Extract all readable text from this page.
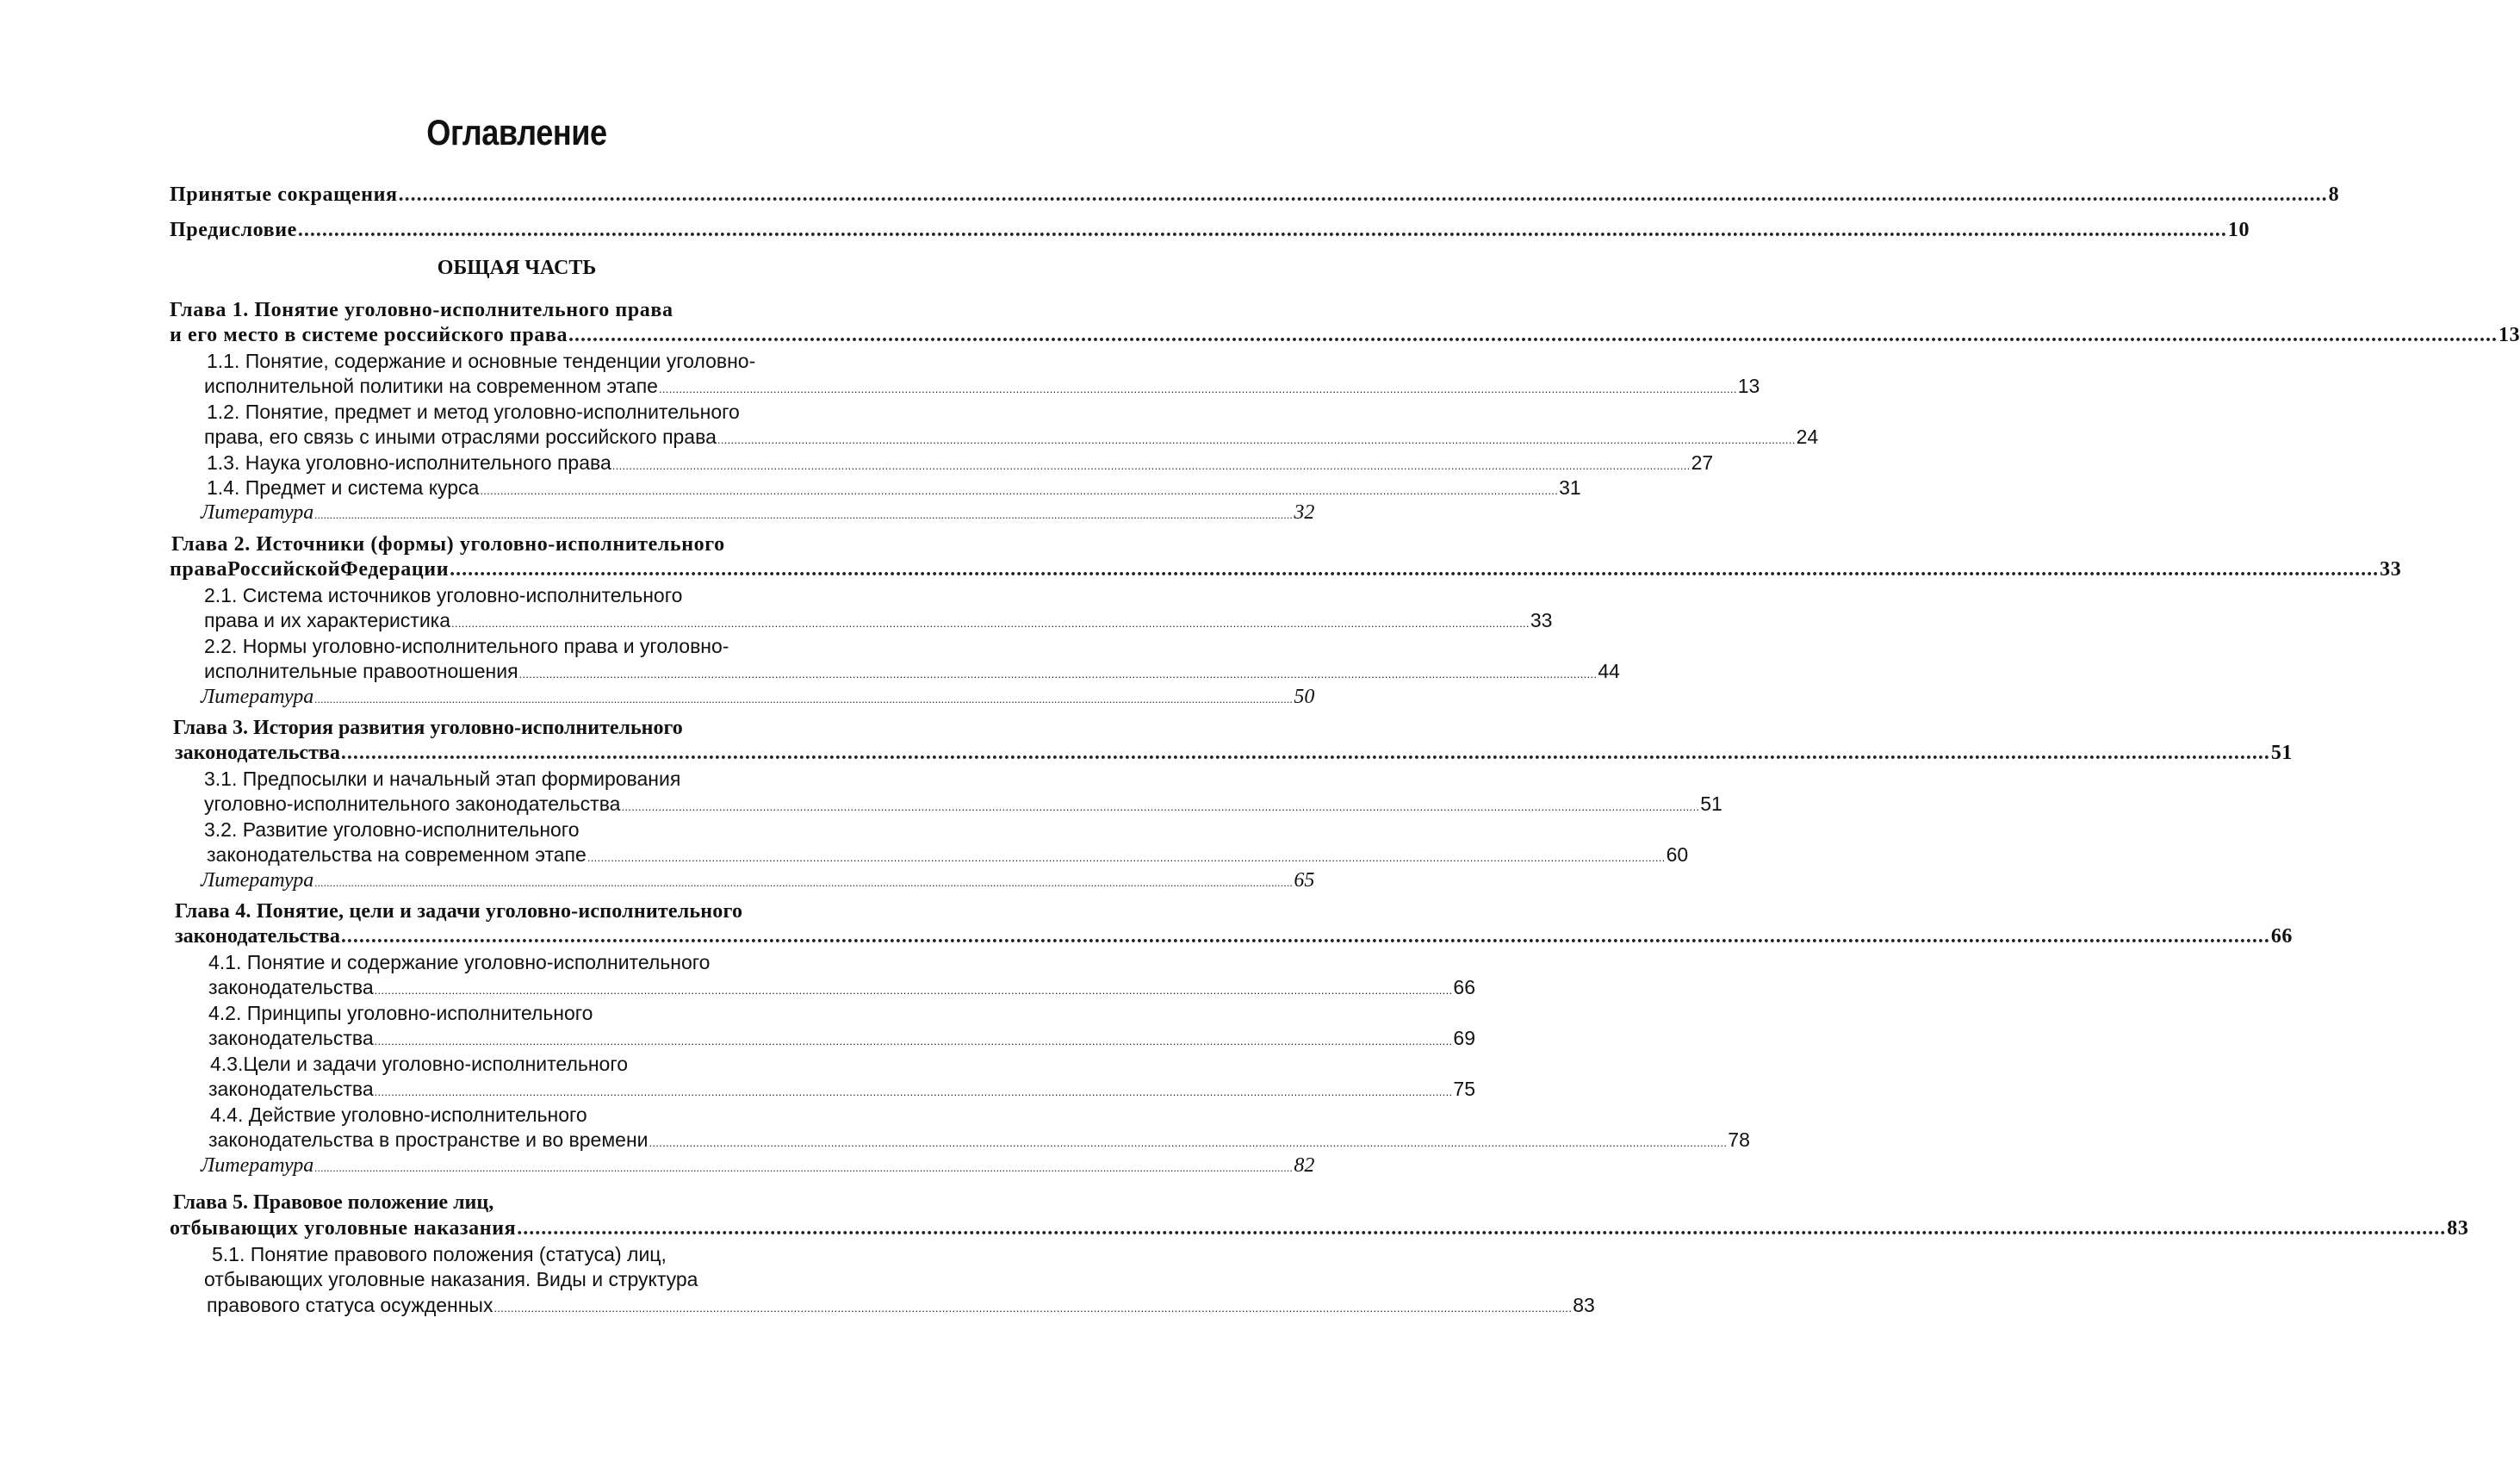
Оглавление
Принятые сокращения ................................................................................................................................................................................................................................................................................................................................ 8
Предисловие ................................................................................................................................................................................................................................................................................................................................ 10
ОБЩАЯ ЧАСТЬ
Глава 1. Понятие уголовно-исполнительного права
и его место в системе российского права ................................................................................................................................................................................................................................................................................................................................ 13
1.1. Понятие, содержание и основные тенденции уголовно-
исполнительной политики на современном этапе ................................................................................................................................................................................................................................................................................................................................ 13
1.2. Понятие, предмет и метод уголовно-исполнительного
права, его связь с иными отраслями российского права ................................................................................................................................................................................................................................................................................................................................ 24
1.3. Наука уголовно-исполнительного права ................................................................................................................................................................................................................................................................................................................................ 27
1.4. Предмет и система курса ................................................................................................................................................................................................................................................................................................................................ 31
Литература ................................................................................................................................................................................................................................................................................................................................ 32
Глава 2. Источники (формы) уголовно-исполнительного
права Российской Федерации ................................................................................................................................................................................................................................................................................................................................ 33
2.1. Система источников уголовно-исполнительного
права и их характеристика ................................................................................................................................................................................................................................................................................................................................ 33
2.2. Нормы уголовно-исполнительного права и уголовно-
исполнительные правоотношения ................................................................................................................................................................................................................................................................................................................................ 44
Литература ................................................................................................................................................................................................................................................................................................................................ 50
Глава 3. История развития уголовно-исполнительного
законодательства ................................................................................................................................................................................................................................................................................................................................ 51
3.1. Предпосылки и начальный этап формирования
уголовно-исполнительного законодательства ................................................................................................................................................................................................................................................................................................................................ 51
3.2. Развитие уголовно-исполнительного
законодательства на современном этапе ................................................................................................................................................................................................................................................................................................................................ 60
Литература ................................................................................................................................................................................................................................................................................................................................ 65
Глава 4. Понятие, цели и задачи уголовно-исполнительного
законодательства ................................................................................................................................................................................................................................................................................................................................ 66
4.1. Понятие и содержание уголовно-исполнительного
законодательства ................................................................................................................................................................................................................................................................................................................................ 66
4.2. Принципы уголовно-исполнительного
законодательства ................................................................................................................................................................................................................................................................................................................................ 69
4.3.Цели и задачи уголовно-исполнительного
законодательства ................................................................................................................................................................................................................................................................................................................................ 75
4.4. Действие уголовно-исполнительного
законодательства в пространстве и во времени ................................................................................................................................................................................................................................................................................................................................ 78
Литература ................................................................................................................................................................................................................................................................................................................................ 82
Глава 5. Правовое положение лиц,
отбывающих уголовные наказания ................................................................................................................................................................................................................................................................................................................................ 83
5.1. Понятие правового положения (статуса) лиц,
отбывающих уголовные наказания. Виды и структура
правового статуса осужденных ................................................................................................................................................................................................................................................................................................................................ 83
